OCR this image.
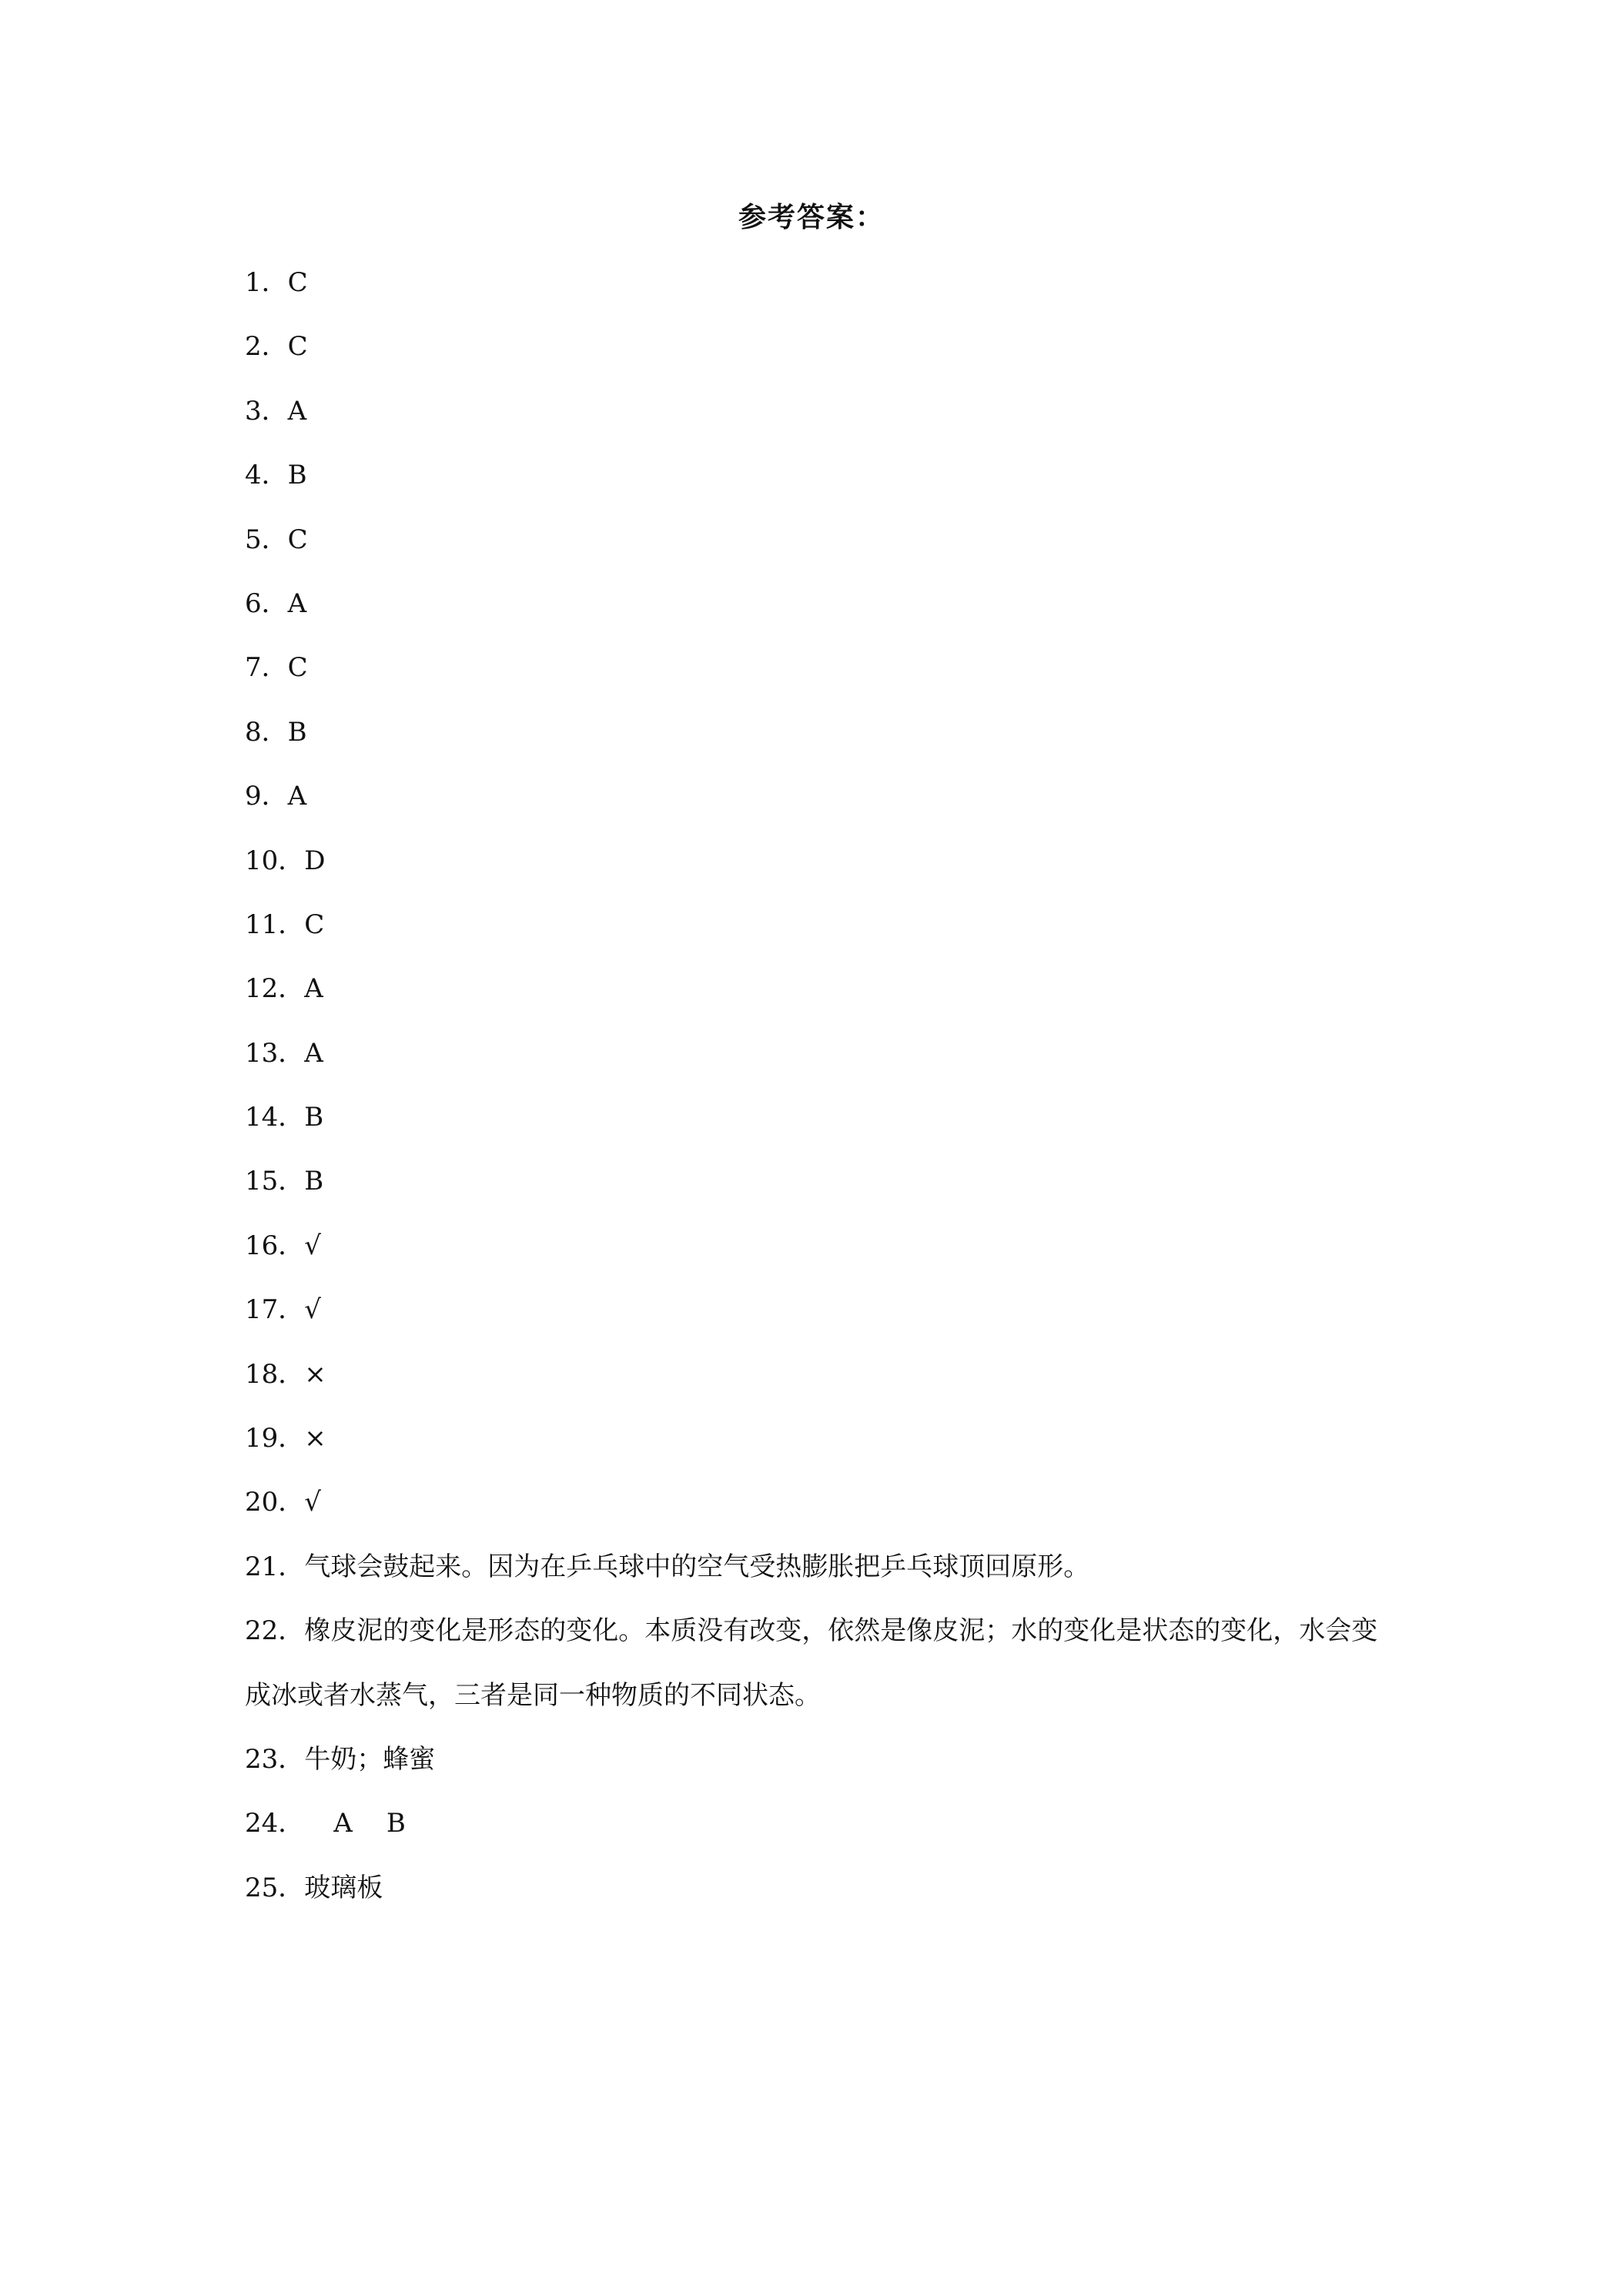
参考答案：
1．C
2．C
3．A
4．B
5．C
6．A
7．C
8．B
9．A
10．D
11．C
12．A
13．A
14．B
15．B
16．√
17．√
18．×
19．×
20．√
21．气球会鼓起来。因为在乒乓球中的空气受热膨胀把乒乓球顶回原形。
22．橡皮泥的变化是形态的变化。本质没有改变，依然是像皮泥；水的变化是状态的变化，水会变成冰或者水蒸气，三者是同一种物质的不同状态。
23．牛奶；蜂蜜
24． A B
25．玻璃板
